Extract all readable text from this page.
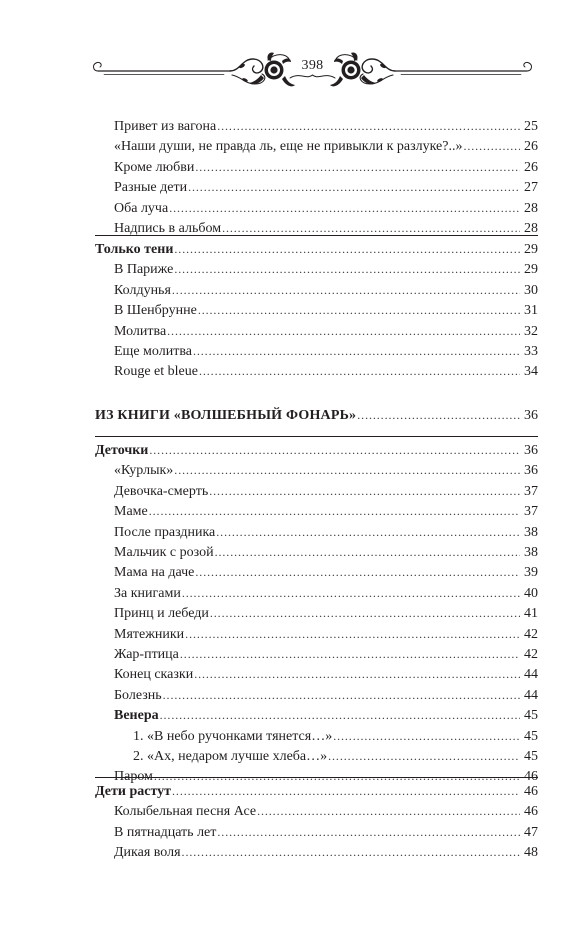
398
Привет из вагона .....	25
«Наши души, не правда ль, еще не привыкли к разлуке?..» .....	26
Кроме любви .....	26
Разные дети .....	27
Оба луча .....	28
Надпись в альбом .....	28
Только тени .....	29
В Париже .....	29
Колдунья .....	30
В Шенбрунне .....	31
Молитва .....	32
Еще молитва .....	33
Rouge et bleue .....	34
ИЗ КНИГИ «ВОЛШЕБНЫЙ ФОНАРЬ» .....	36
Деточки .....	36
«Курлык» .....	36
Девочка-смерть .....	37
Маме .....	37
После праздника .....	38
Мальчик с розой .....	38
Мама на даче .....	39
За книгами .....	40
Принц и лебеди .....	41
Мятежники .....	42
Жар-птица .....	42
Конец сказки .....	44
Болезнь .....	44
Венера .....	45
1. «В небо ручонками тянется…» .....	45
2. «Ах, недаром лучше хлеба…» .....	45
Паром .....	46
Дети растут .....	46
Колыбельная песня Асе .....	46
В пятнадцать лет .....	47
Дикая воля .....	48
